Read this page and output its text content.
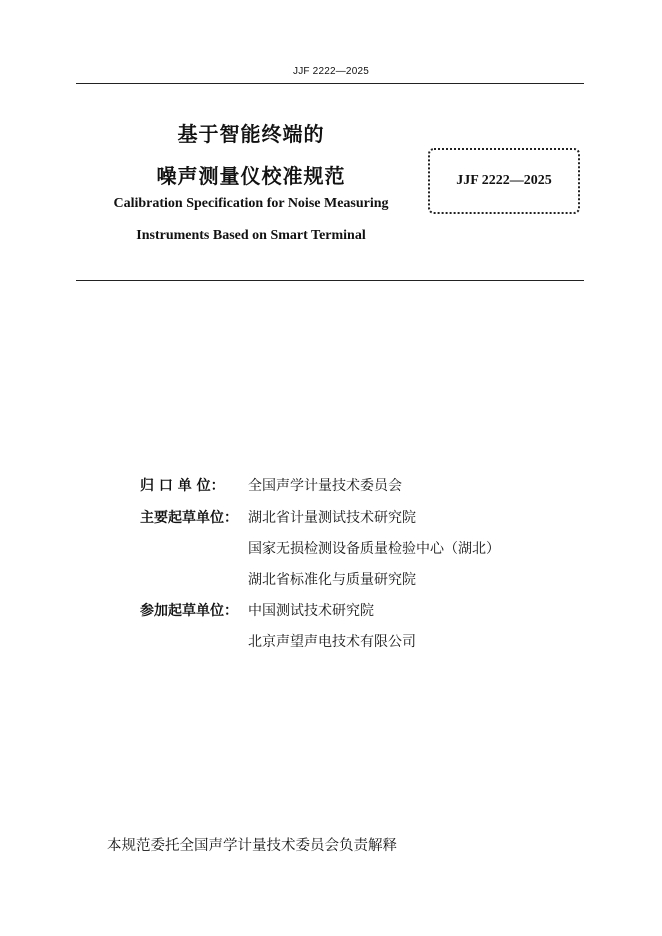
JJF 2222—2025
基于智能终端的
噪声测量仪校准规范
Calibration Specification for Noise Measuring
Instruments Based on Smart Terminal
JJF 2222—2025
归 口 单 位：	全国声学计量技术委员会
主要起草单位： 湖北省计量测试技术研究院
国家无损检测设备质量检验中心（湖北）
湖北省标准化与质量研究院
参加起草单位： 中国测试技术研究院
北京声望声电技术有限公司
本规范委托全国声学计量技术委员会负责解释
